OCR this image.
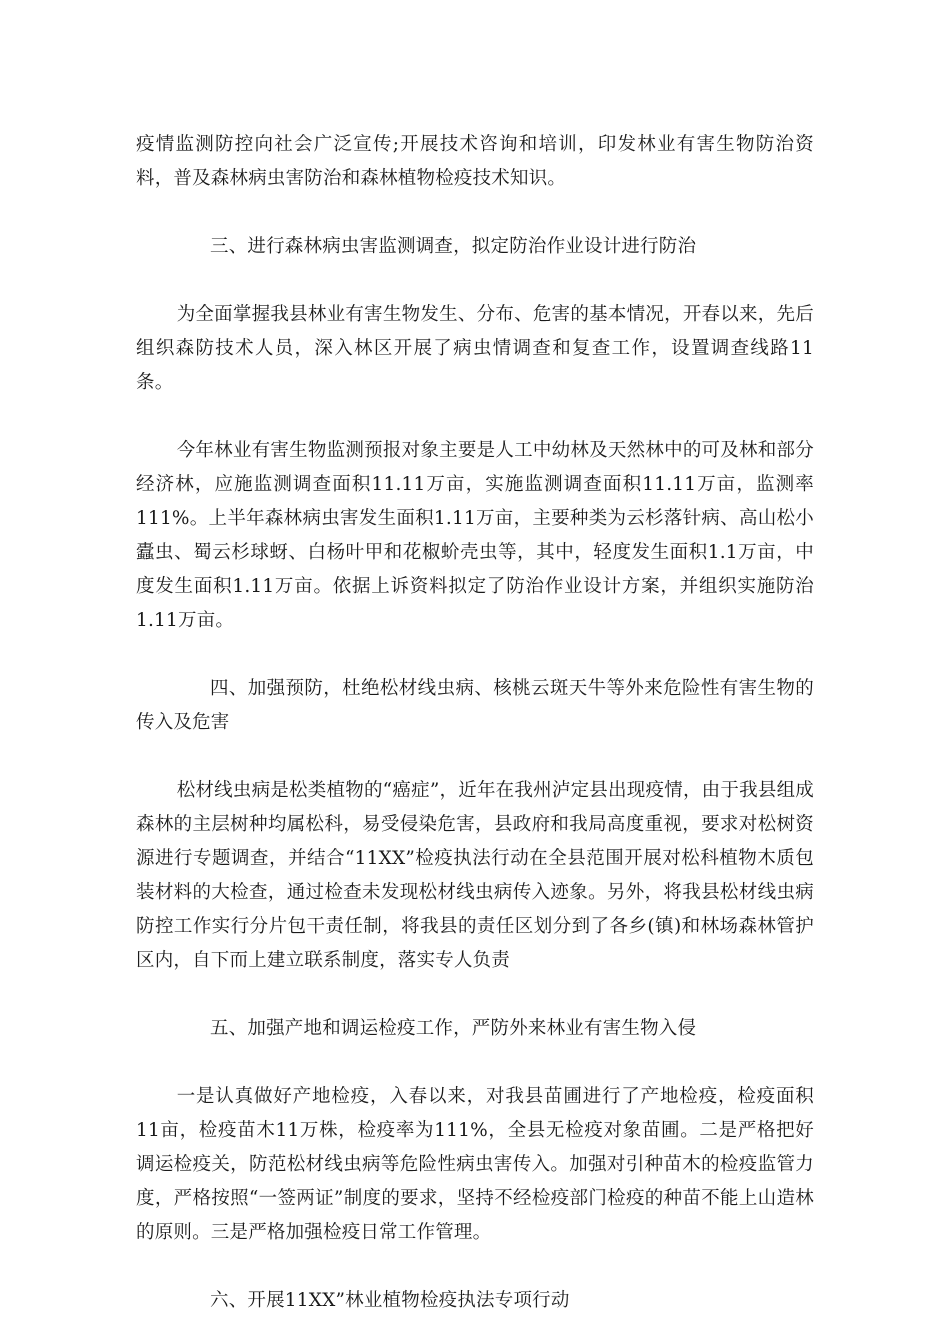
疫情监测防控向社会广泛宣传;开展技术咨询和培训，印发林业有害生物防治资料，普及森林病虫害防治和森林植物检疫技术知识。

三、进行森林病虫害监测调查，拟定防治作业设计进行防治

为全面掌握我县林业有害生物发生、分布、危害的基本情况，开春以来，先后组织森防技术人员，深入林区开展了病虫情调查和复查工作，设置调查线路11条。

今年林业有害生物监测预报对象主要是人工中幼林及天然林中的可及林和部分经济林，应施监测调查面积11.11万亩，实施监测调查面积11.11万亩，监测率111%。上半年森林病虫害发生面积1.11万亩，主要种类为云杉落针病、高山松小蠹虫、蜀云杉球蚜、白杨叶甲和花椒蚧壳虫等，其中，轻度发生面积1.1万亩，中度发生面积1.11万亩。依据上诉资料拟定了防治作业设计方案，并组织实施防治1.11万亩。

四、加强预防，杜绝松材线虫病、核桃云斑天牛等外来危险性有害生物的传入及危害

松材线虫病是松类植物的“癌症”，近年在我州泸定县出现疫情，由于我县组成森林的主层树种均属松科，易受侵染危害，县政府和我局高度重视，要求对松树资源进行专题调查，并结合“11XX”检疫执法行动在全县范围开展对松科植物木质包装材料的大检查，通过检查未发现松材线虫病传入迹象。另外，将我县松材线虫病防控工作实行分片包干责任制，将我县的责任区划分到了各乡(镇)和林场森林管护区内，自下而上建立联系制度，落实专人负责

五、加强产地和调运检疫工作，严防外来林业有害生物入侵

一是认真做好产地检疫，入春以来，对我县苗圃进行了产地检疫，检疫面积11亩，检疫苗木11万株，检疫率为111%，全县无检疫对象苗圃。二是严格把好调运检疫关，防范松材线虫病等危险性病虫害传入。加强对引种苗木的检疫监管力度，严格按照“一签两证”制度的要求，坚持不经检疫部门检疫的种苗不能上山造林的原则。三是严格加强检疫日常工作管理。

六、开展11XX”林业植物检疫执法专项行动
